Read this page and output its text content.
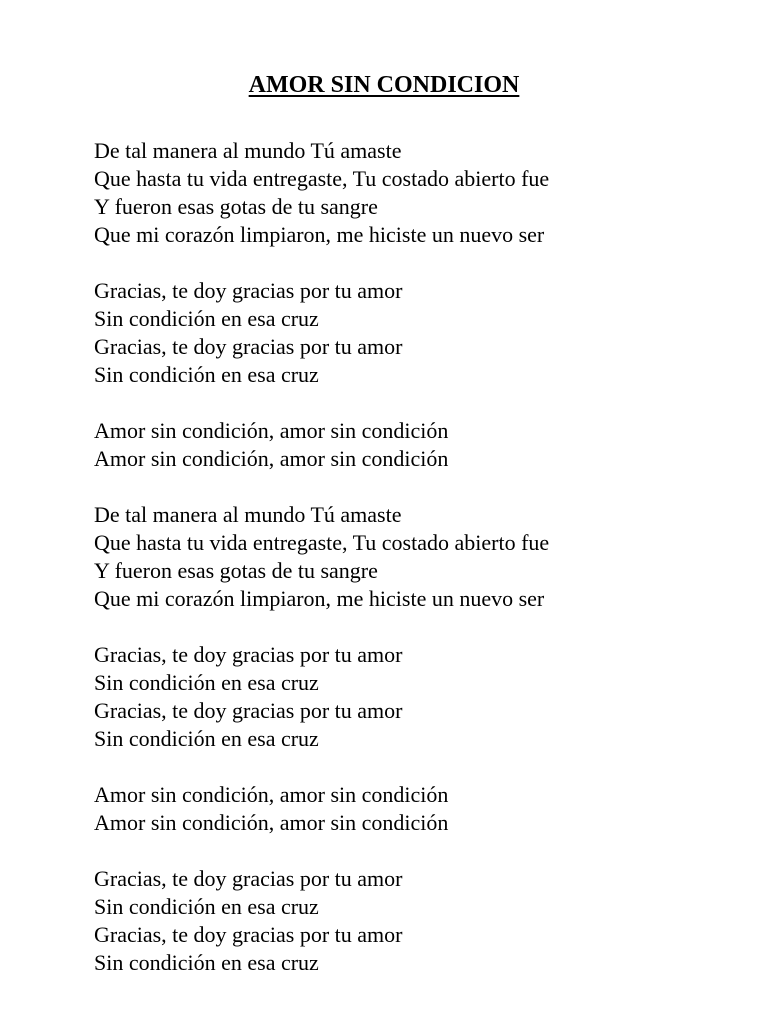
AMOR SIN CONDICION
De tal manera al mundo Tú amaste
Que hasta tu vida entregaste, Tu costado abierto fue
Y fueron esas gotas de tu sangre
Que mi corazón limpiaron, me hiciste un nuevo ser
Gracias, te doy gracias por tu amor
Sin condición en esa cruz
Gracias, te doy gracias por tu amor
Sin condición en esa cruz
Amor sin condición, amor sin condición
Amor sin condición, amor sin condición
De tal manera al mundo Tú amaste
Que hasta tu vida entregaste, Tu costado abierto fue
Y fueron esas gotas de tu sangre
Que mi corazón limpiaron, me hiciste un nuevo ser
Gracias, te doy gracias por tu amor
Sin condición en esa cruz
Gracias, te doy gracias por tu amor
Sin condición en esa cruz
Amor sin condición, amor sin condición
Amor sin condición, amor sin condición
Gracias, te doy gracias por tu amor
Sin condición en esa cruz
Gracias, te doy gracias por tu amor
Sin condición en esa cruz
